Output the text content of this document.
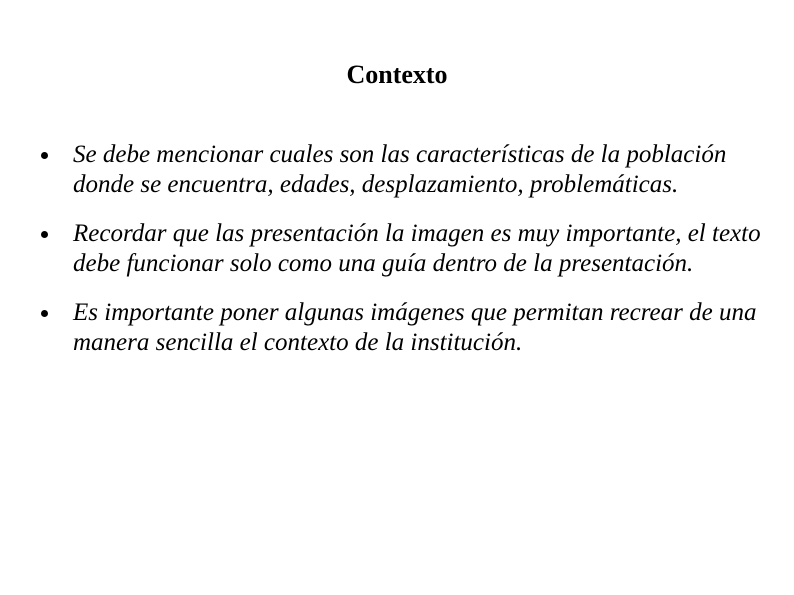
Contexto
Se debe mencionar cuales son las características de la población donde se encuentra, edades, desplazamiento, problemáticas.
Recordar que las presentación la imagen es muy importante, el texto debe funcionar solo como una guía dentro de la presentación.
Es importante poner algunas imágenes que permitan recrear de una manera sencilla el contexto de la institución.
